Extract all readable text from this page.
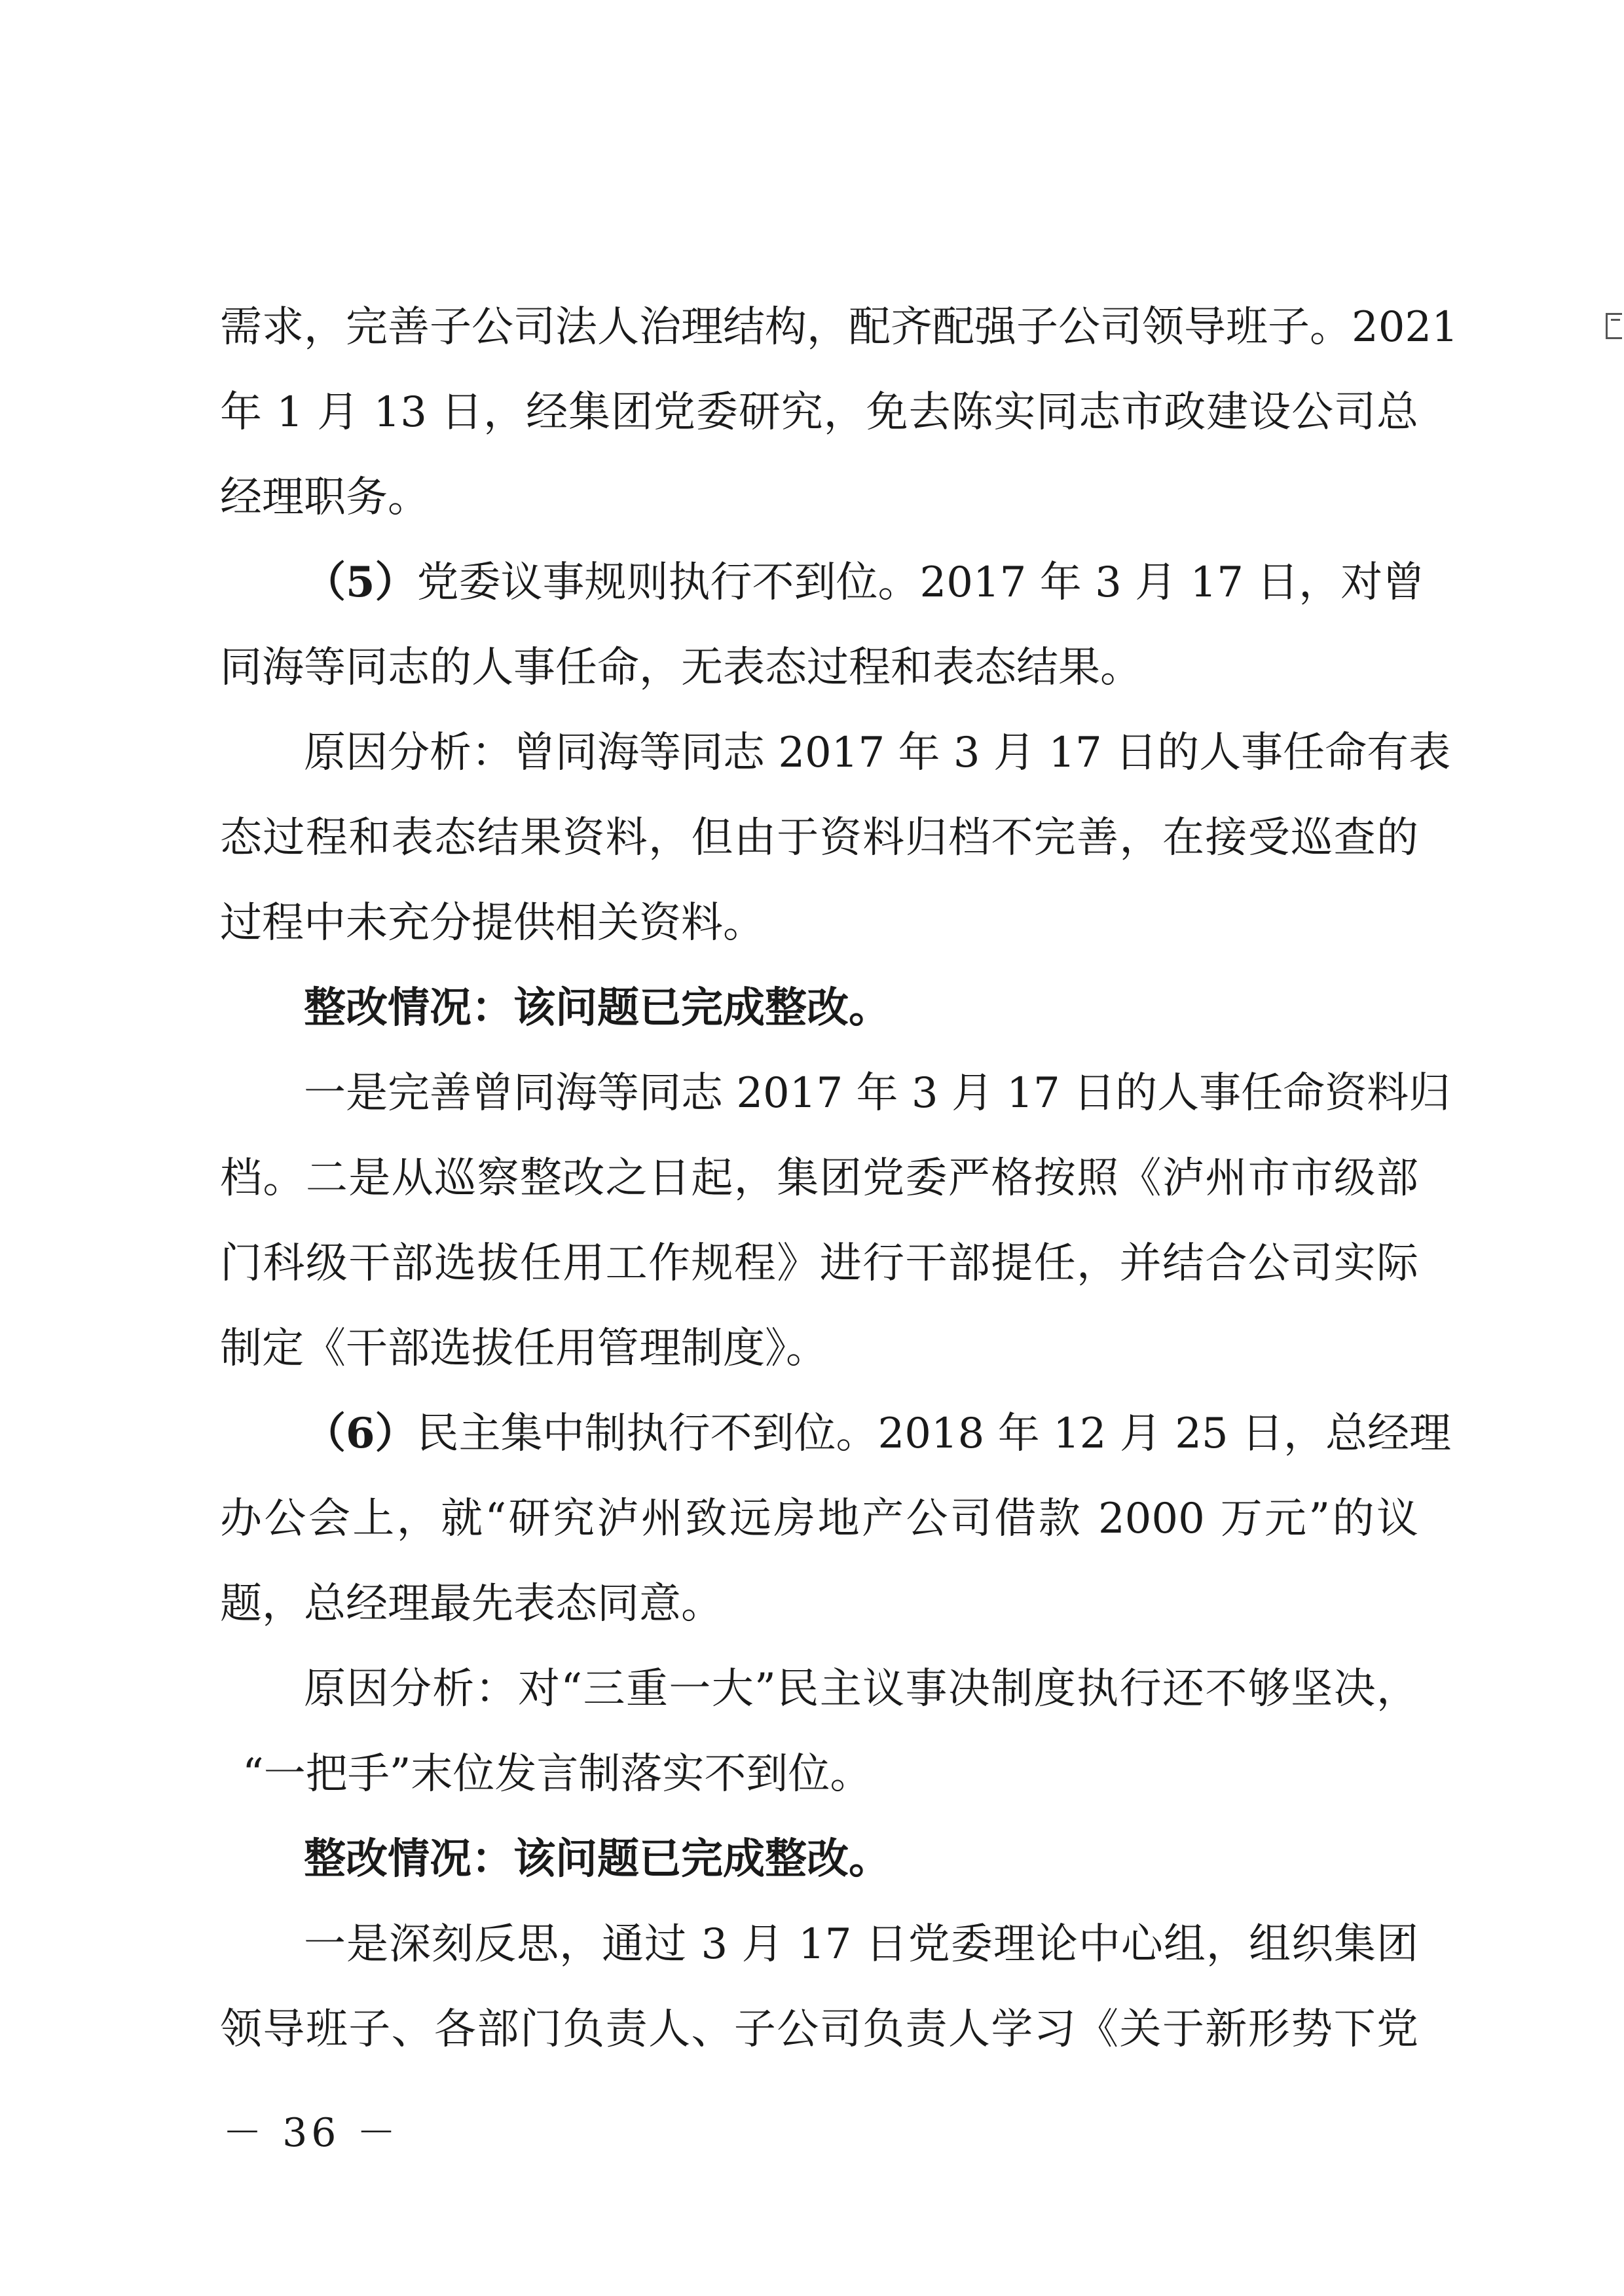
需求，完善子公司法人治理结构，配齐配强子公司领导班子。2021
年 1 月 13 日，经集团党委研究，免去陈实同志市政建设公司总
经理职务。
（5）党委议事规则执行不到位。2017 年 3 月 17 日，对曾
同海等同志的人事任命，无表态过程和表态结果。
原因分析：曾同海等同志 2017 年 3 月 17 日的人事任命有表
态过程和表态结果资料，但由于资料归档不完善，在接受巡查的
过程中未充分提供相关资料。
整改情况：该问题已完成整改。
一是完善曾同海等同志 2017 年 3 月 17 日的人事任命资料归
档。二是从巡察整改之日起，集团党委严格按照《泸州市市级部
门科级干部选拔任用工作规程》进行干部提任，并结合公司实际
制定《干部选拔任用管理制度》。
（6）民主集中制执行不到位。2018 年 12 月 25 日，总经理
办公会上，就“研究泸州致远房地产公司借款 2000 万元”的议
题，总经理最先表态同意。
原因分析：对“三重一大”民主议事决制度执行还不够坚决，
“一把手”末位发言制落实不到位。
整改情况：该问题已完成整改。
一是深刻反思，通过 3 月 17 日党委理论中心组，组织集团
领导班子、各部门负责人、子公司负责人学习《关于新形势下党
－ 36 －
